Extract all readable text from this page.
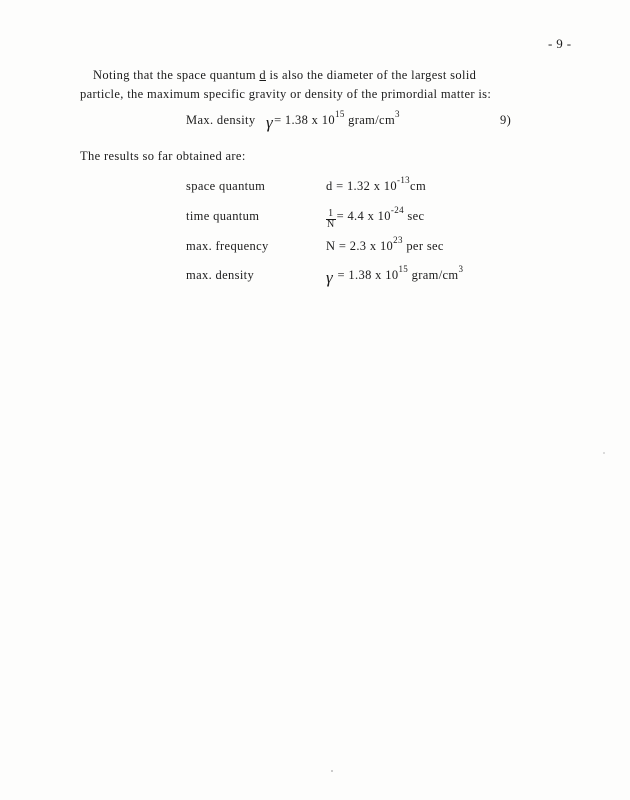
- 9 -
Noting that the space quantum d is also the diameter of the largest solid
particle, the maximum specific gravity or density of the primordial matter is:
Max. density γ= 1.38 x $10^{15}$ gram/$cm^3$	9)
The results so far obtained are:
space quantum	d = 1.32 x $10^{-13}cm$
time quantum	$\frac{1}{N} = 4.4$ x $10^{-24}$ sec
max. frequency	N = 2.3 x $10^{23}$ per sec
max. density	γ = 1.38 x $10^{15}$ gram/$cm^3$
